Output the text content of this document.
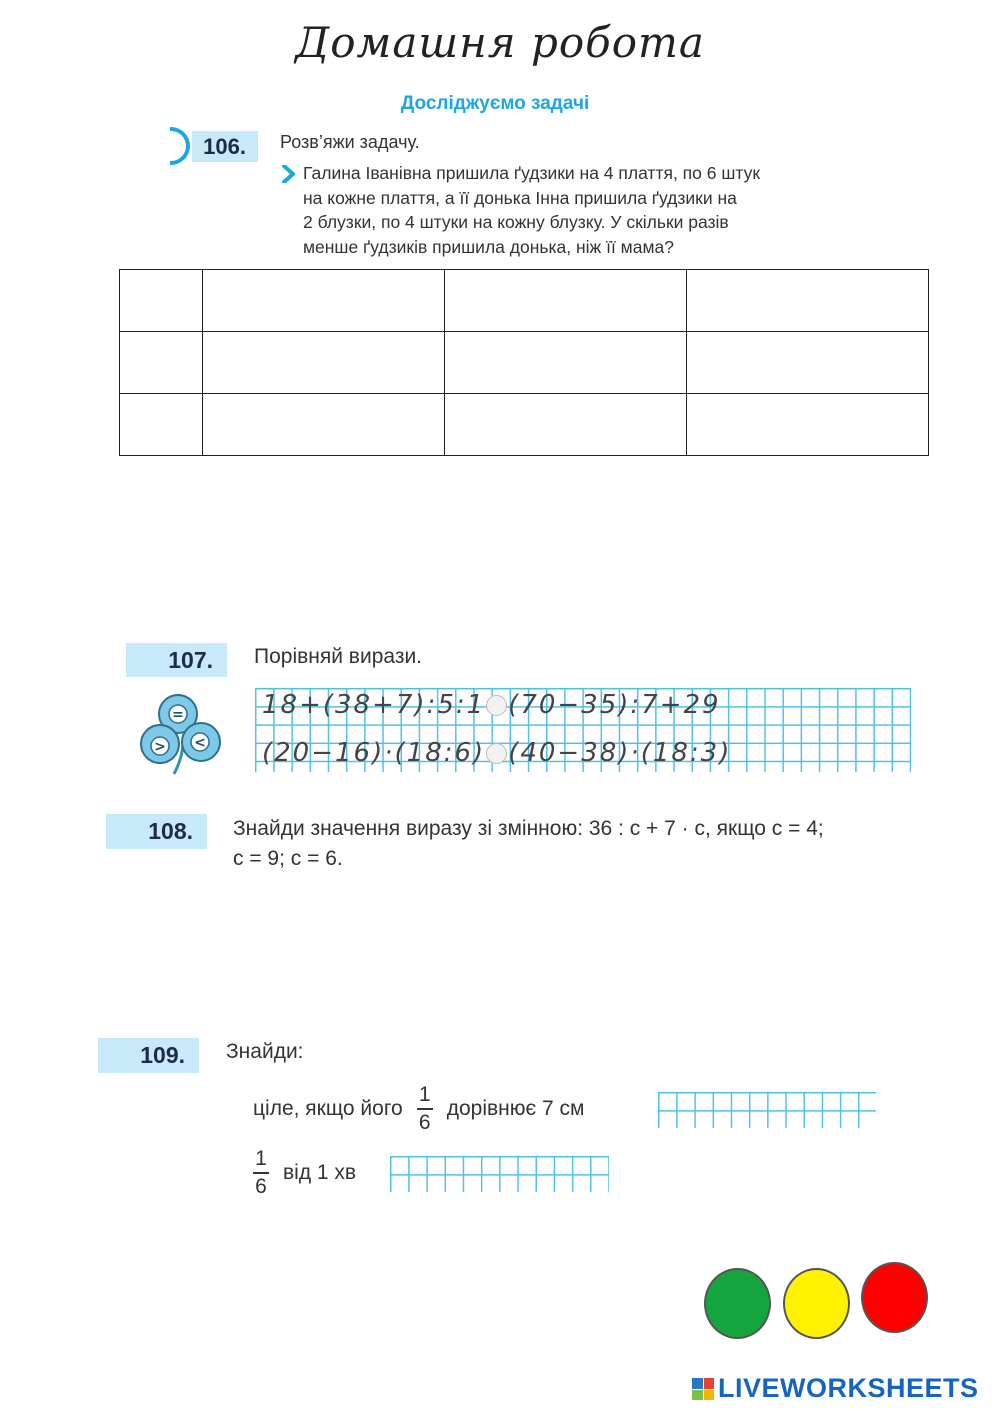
Домашня робота
Досліджуємо задачі
106.	Розв’яжи задачу.
Галина Іванівна пришила ґудзики на 4 плаття, по 6 штук
на кожне плаття, а її донька Інна пришила ґудзики на
2 блузки, по 4 штуки на кожну блузку. У скільки разів
менше ґудзиків пришила донька, ніж її мама?

107.	Порівняй вирази.
=
> <
18+(38+7):5:1 (70−35):7+29
(20−16)·(18:6) (40−38)·(18:3)
108.	Знайди значення виразу зі змінною: 36 : c + 7 · c, якщо c = 4;
c = 9; c = 6.
109.	Знайди:
ціле, якщо його $\frac{1}{6}$ дорівнює 7 см
$\frac{1}{6}$ від 1 хв
LIVEWORKSHEETS
